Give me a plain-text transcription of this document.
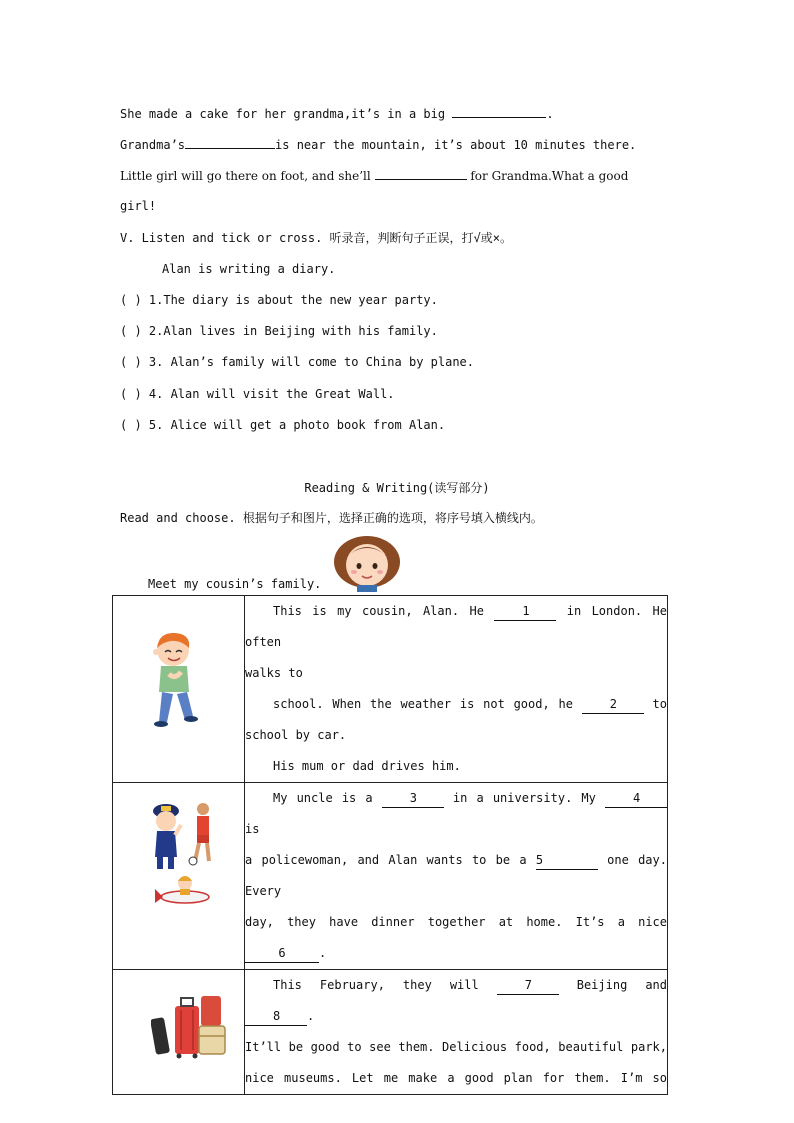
She made a cake for her grandma,it’s in a big	.
Grandma’s	is near the mountain, it’s about 10 minutes there.
Little girl will go there on foot, and she’ll	for Grandma.What a good
girl!
V. Listen and tick or cross. 听录音，判断句子正误，打√或×。
Alan is writing a diary.
( ) 1.The diary is about the new year party.
( ) 2.Alan lives in Beijing with his family.
( ) 3. Alan’s family will come to China by plane.
( ) 4. Alan will visit the Great Wall.
( ) 5. Alice will get a photo book from Alan.
Reading & Writing(读写部分)
Read and choose. 根据句子和图片，选择正确的选项，将序号填入横线内。
Meet my cousin’s family.

This is my cousin, Alan. He 1 in London. He often
walks to
school. When the weather is not good, he 2 to
school by car.
His mum or dad drives him.

My uncle is a 3 in a university. My 4 is
a policewoman, and Alan wants to be a 5 one day. Every
day, they have dinner together at home. It’s a nice
6 .

This February, they will 7 Beijing and 8 .
It’ll be good to see them. Delicious food, beautiful park,
nice museums. Let me make a good plan for them. I’m so
